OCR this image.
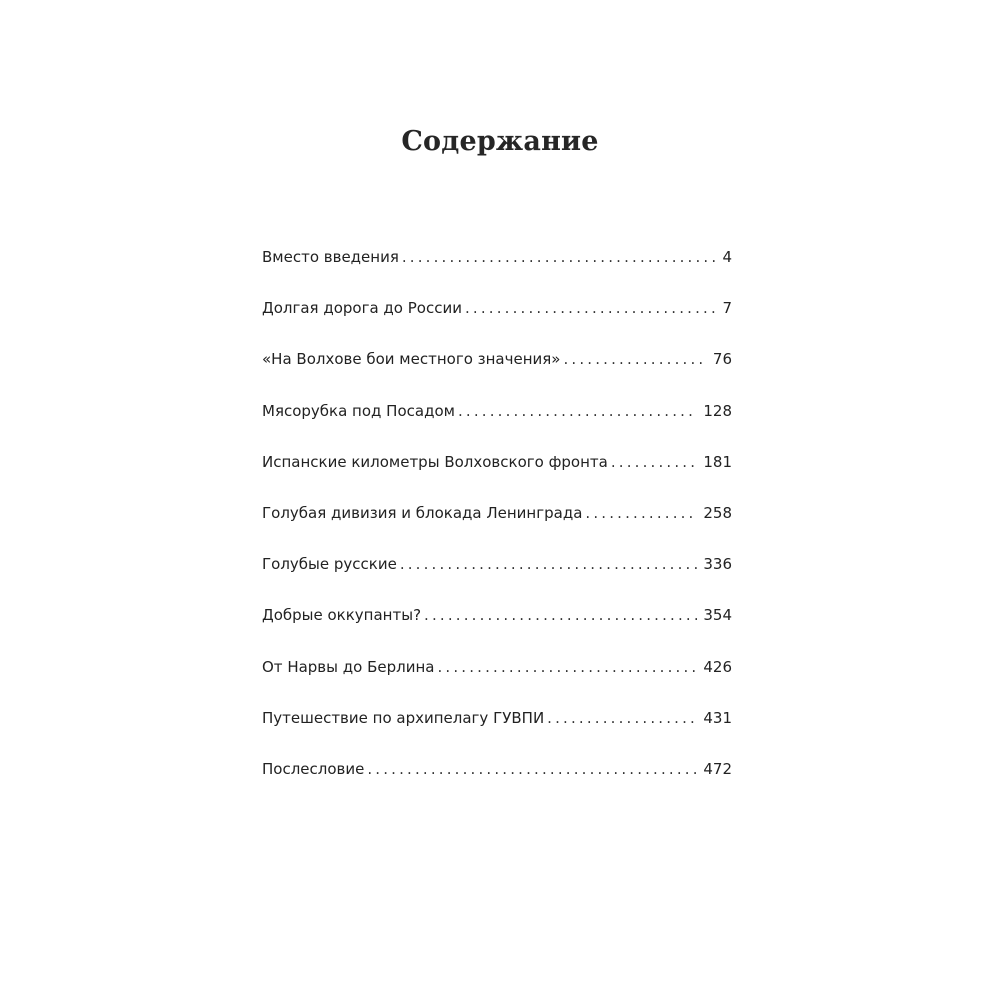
Содержание
Вместо введения . . .	4
Долгая дорога до России . . .	7
«На Волхове бои местного значения» . . .	76
Мясорубка под Посадом . . .	128
Испанские километры Волховского фронта . . .	181
Голубая дивизия и блокада Ленинграда . . .	258
Голубые русские . . .	336
Добрые оккупанты? . . .	354
От Нарвы до Берлина . . .	426
Путешествие по архипелагу ГУВПИ . . .	431
Послесловие . . .	472
